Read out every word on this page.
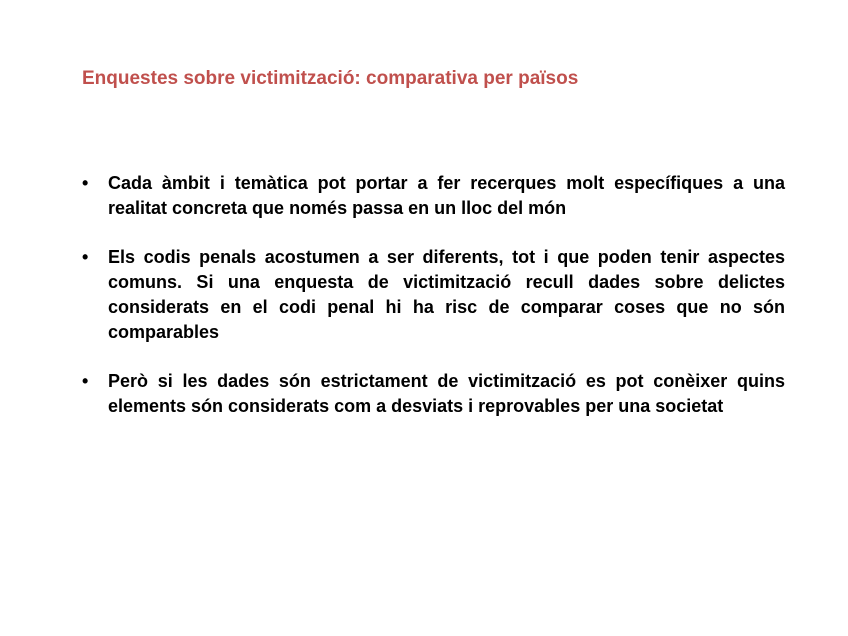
Enquestes sobre victimització: comparativa per països
•	Cada àmbit i temàtica pot portar a fer recerques molt específiques a una realitat concreta que només passa en un lloc del món
•	Els codis penals acostumen a ser diferents, tot i que poden tenir aspectes comuns. Si una enquesta de victimització recull dades sobre delictes considerats en el codi penal hi ha risc de comparar coses que no són comparables
•	Però si les dades són estrictament de victimització es pot conèixer quins elements són considerats com a desviats i reprovables per una societat
